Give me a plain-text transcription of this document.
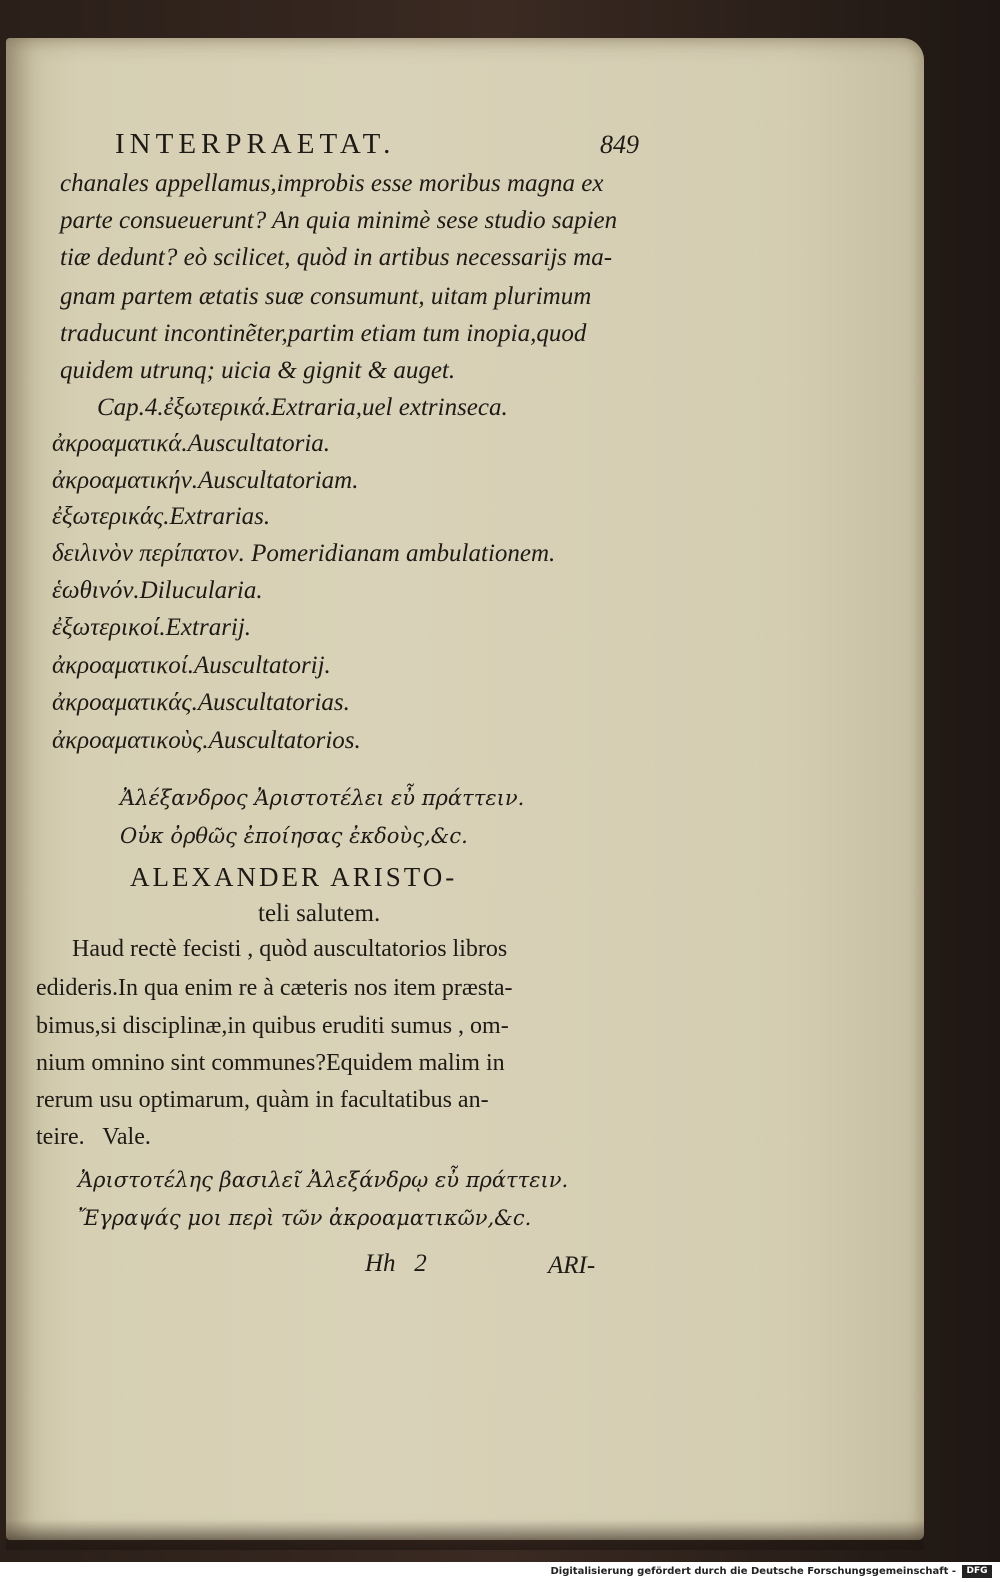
INTERPRAETAT.	849
chanales appellamus,improbis esse moribus magna ex
parte consueuerunt? An quia minimè sese studio sapien
tiæ dedunt? eò scilicet, quòd in artibus necessarijs ma-
gnam partem ætatis suæ consumunt, uitam plurimum
traducunt incontinẽter,partim etiam tum inopia,quod
quidem utrunq; uicia & gignit & auget.
Cap.4.ἐξωτερικά.Extraria,uel extrinseca.
ἀκροαματικά.Auscultatoria.
ἀκροαματικήν.Auscultatoriam.
ἐξωτερικάς.Extrarias.
δειλινὸν περίπατον. Pomeridianam ambulationem.
ἑωθινόν.Dilucularia.
ἐξωτερικοί.Extrarij.
ἀκροαματικοί.Auscultatorij.
ἀκροαματικάς.Auscultatorias.
ἀκροαματικοὺς.Auscultatorios.
Ἀλέξανδρος Ἀριστοτέλει εὖ πράττειν.
Οὐκ ὀρθῶς ἐποίησας ἐκδοὺς,&c.
ALEXANDER ARISTO-
teli salutem.
Haud rectè fecisti , quòd auscultatorios libros
edideris.In qua enim re à cæteris nos item præsta-
bimus,si disciplinæ,in quibus eruditi sumus , om-
nium omnino sint communes?Equidem malim in
rerum usu optimarum, quàm in facultatibus an-
teire.   Vale.
Ἀριστοτέλης βασιλεῖ Ἀλεξάνδρῳ εὖ πράττειν.
Ἔγραψάς μοι περὶ τῶν ἀκροαματικῶν,&c.
Hh   2	ARI-
Digitalisierung gefördert durch die Deutsche Forschungsgemeinschaft -	DFG
